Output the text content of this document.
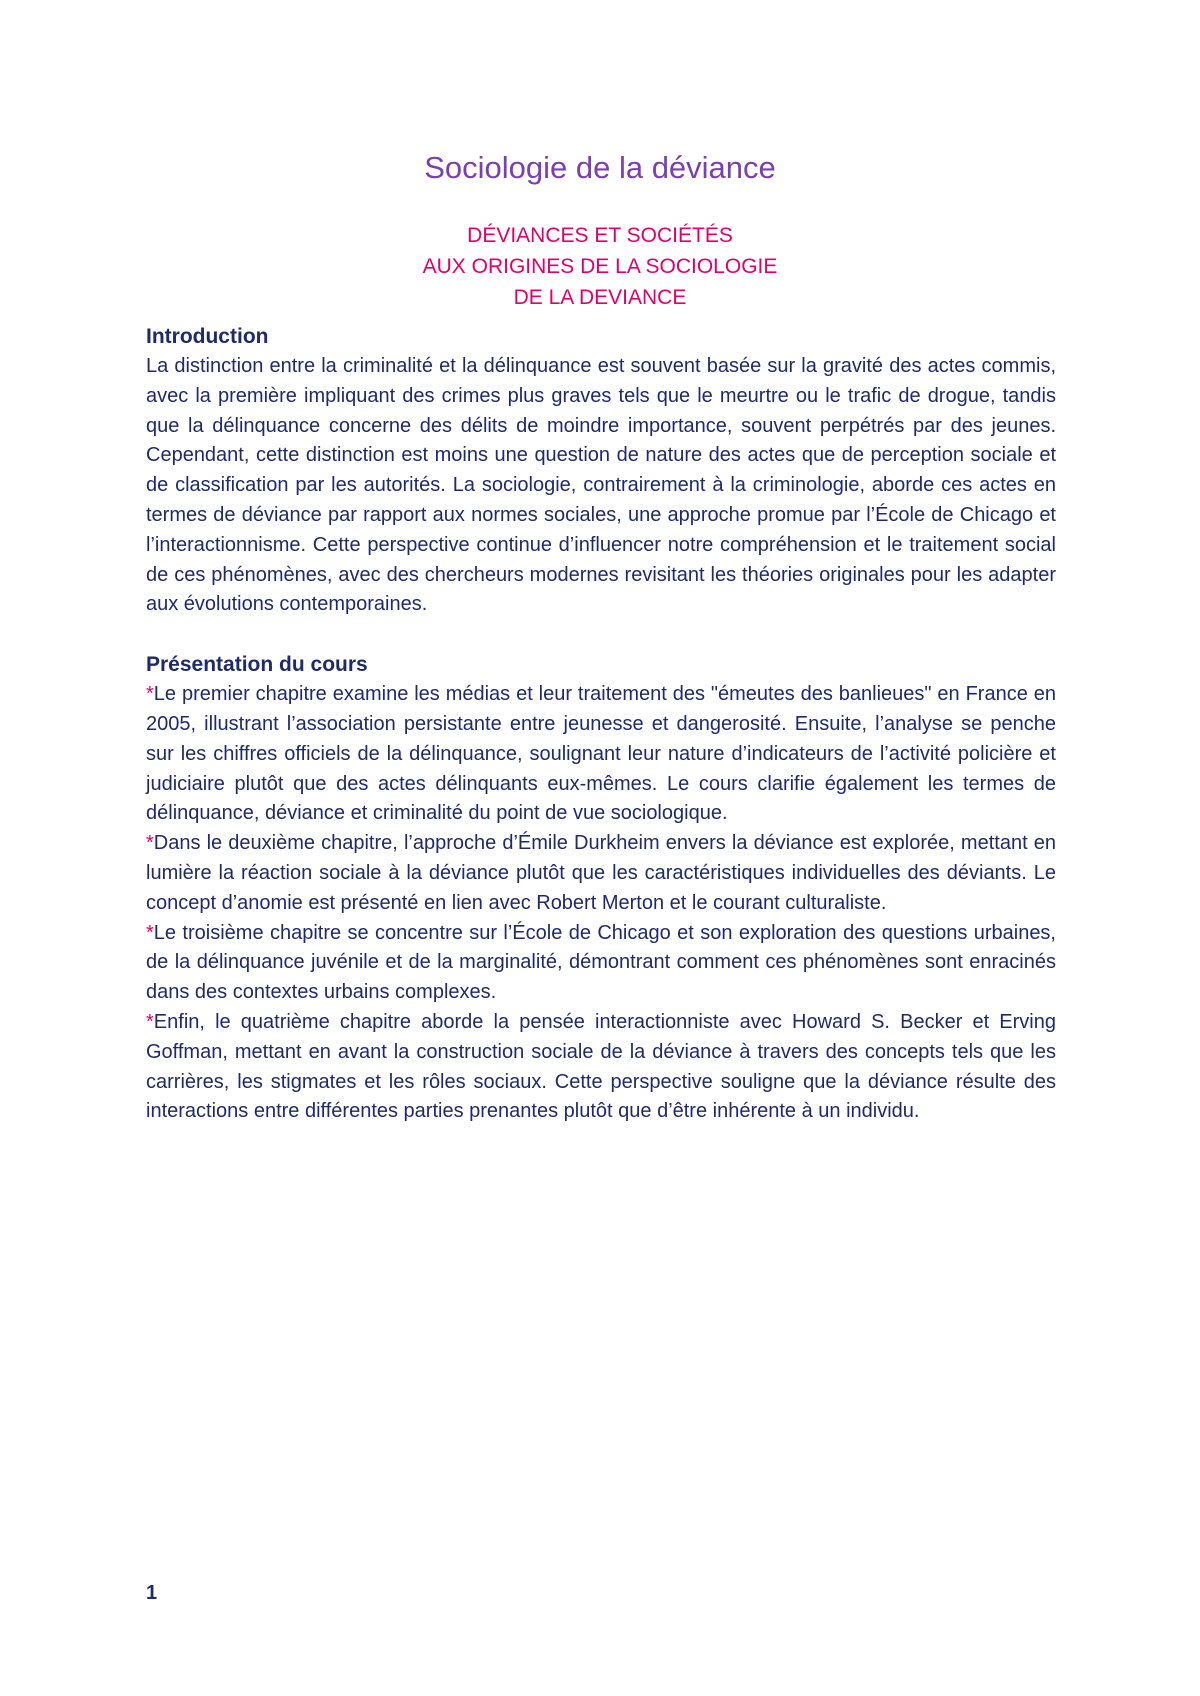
Sociologie de la déviance
DÉVIANCES ET SOCIÉTÉS
AUX ORIGINES DE LA SOCIOLOGIE
DE LA DEVIANCE
Introduction

La distinction entre la criminalité et la délinquance est souvent basée sur la gravité des actes commis, avec la première impliquant des crimes plus graves tels que le meurtre ou le trafic de drogue, tandis que la délinquance concerne des délits de moindre importance, souvent perpétrés par des jeunes. Cependant, cette distinction est moins une question de nature des actes que de perception sociale et de classification par les autorités. La sociologie, contrairement à la criminologie, aborde ces actes en termes de déviance par rapport aux normes sociales, une approche promue par l’École de Chicago et l’interactionnisme. Cette perspective continue d’influencer notre compréhension et le traitement social de ces phénomènes, avec des chercheurs modernes revisitant les théories originales pour les adapter aux évolutions contemporaines.

Présentation du cours

*Le premier chapitre examine les médias et leur traitement des "émeutes des banlieues" en France en 2005, illustrant l’association persistante entre jeunesse et dangerosité. Ensuite, l’analyse se penche sur les chiffres officiels de la délinquance, soulignant leur nature d’indicateurs de l’activité policière et judiciaire plutôt que des actes délinquants eux-mêmes. Le cours clarifie également les termes de délinquance, déviance et criminalité du point de vue sociologique.

*Dans le deuxième chapitre, l’approche d’Émile Durkheim envers la déviance est explorée, mettant en lumière la réaction sociale à la déviance plutôt que les caractéristiques individuelles des déviants. Le concept d’anomie est présenté en lien avec Robert Merton et le courant culturaliste.

*Le troisième chapitre se concentre sur l’École de Chicago et son exploration des questions urbaines, de la délinquance juvénile et de la marginalité, démontrant comment ces phénomènes sont enracinés dans des contextes urbains complexes.

*Enfin, le quatrième chapitre aborde la pensée interactionniste avec Howard S. Becker et Erving Goffman, mettant en avant la construction sociale de la déviance à travers des concepts tels que les carrières, les stigmates et les rôles sociaux. Cette perspective souligne que la déviance résulte des interactions entre différentes parties prenantes plutôt que d’être inhérente à un individu.

1
